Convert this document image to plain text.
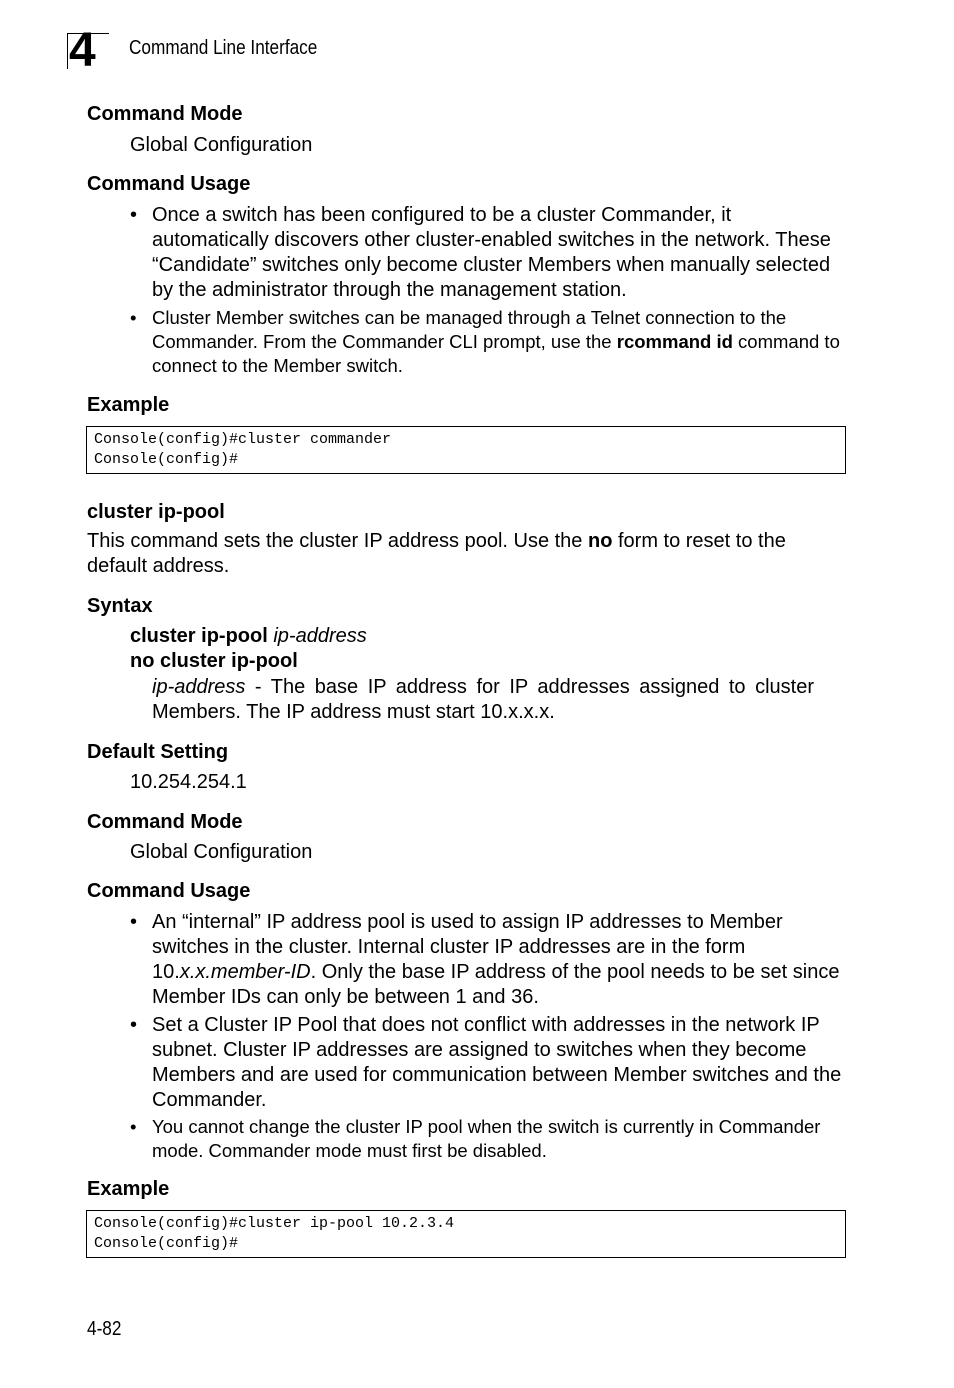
4 Command Line Interface
Command Mode
Global Configuration
Command Usage
• Once a switch has been configured to be a cluster Commander, it automatically discovers other cluster-enabled switches in the network. These “Candidate” switches only become cluster Members when manually selected by the administrator through the management station.
• Cluster Member switches can be managed through a Telnet connection to the Commander. From the Commander CLI prompt, use the rcommand id command to connect to the Member switch.
Example
Console(config)#cluster commander
Console(config)#
cluster ip-pool
This command sets the cluster IP address pool. Use the no form to reset to the default address.
Syntax
cluster ip-pool ip-address
no cluster ip-pool
ip-address - The base IP address for IP addresses assigned to cluster Members. The IP address must start 10.x.x.x.
Default Setting
10.254.254.1
Command Mode
Global Configuration
Command Usage
• An “internal” IP address pool is used to assign IP addresses to Member switches in the cluster. Internal cluster IP addresses are in the form 10.x.x.member-ID. Only the base IP address of the pool needs to be set since Member IDs can only be between 1 and 36.
• Set a Cluster IP Pool that does not conflict with addresses in the network IP subnet. Cluster IP addresses are assigned to switches when they become Members and are used for communication between Member switches and the Commander.
• You cannot change the cluster IP pool when the switch is currently in Commander mode. Commander mode must first be disabled.
Example
Console(config)#cluster ip-pool 10.2.3.4
Console(config)#
4-82
